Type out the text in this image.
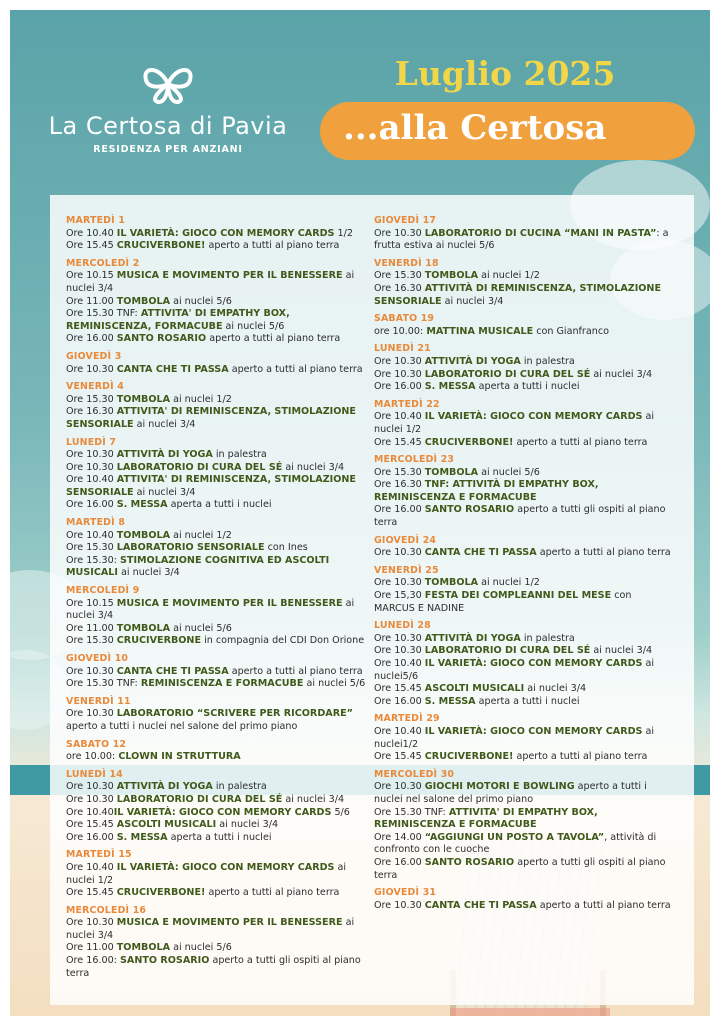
La Certosa di Pavia
RESIDENZA PER ANZIANI
Luglio 2025
...alla Certosa
MARTEDÌ 1
Ore 10.40 IL VARIETÀ: GIOCO CON MEMORY CARDS 1/2
Ore 15.45 CRUCIVERBONE! aperto a tutti al piano terra
MERCOLEDÌ 2
Ore 10.15 MUSICA E MOVIMENTO PER IL BENESSERE ai nuclei 3/4
Ore 11.00 TOMBOLA ai nuclei 5/6
Ore 15.30 TNF: ATTIVITA' DI EMPATHY BOX, REMINISCENZA, FORMACUBE ai nuclei 5/6
Ore 16.00 SANTO ROSARIO aperto a tutti al piano terra
GIOVEDÌ 3
Ore 10.30 CANTA CHE TI PASSA aperto a tutti al piano terra
VENERDÌ 4
Ore 15.30 TOMBOLA ai nuclei 1/2
Ore 16.30 ATTIVITA' DI REMINISCENZA, STIMOLAZIONE SENSORIALE ai nuclei 3/4
LUNEDÌ 7
Ore 10.30 ATTIVITÀ DI YOGA in palestra
Ore 10.30 LABORATORIO DI CURA DEL SÉ ai nuclei 3/4
Ore 10.40 ATTIVITA' DI REMINISCENZA, STIMOLAZIONE SENSORIALE ai nuclei 3/4
Ore 16.00 S. MESSA aperta a tutti i nuclei
MARTEDÌ 8
Ore 10.40 TOMBOLA ai nuclei 1/2
Ore 15.30 LABORATORIO SENSORIALE con Ines
Ore 15.30: STIMOLAZIONE COGNITIVA ED ASCOLTI MUSICALI ai nuclei 3/4
MERCOLEDÌ 9
Ore 10.15 MUSICA E MOVIMENTO PER IL BENESSERE ai nuclei 3/4
Ore 11.00 TOMBOLA ai nuclei 5/6
Ore 15.30 CRUCIVERBONE in compagnia del CDI Don Orione
GIOVEDÌ 10
Ore 10.30 CANTA CHE TI PASSA aperto a tutti al piano terra
Ore 15.30 TNF: REMINISCENZA E FORMACUBE ai nuclei 5/6
VENERDÌ 11
Ore 10.30 LABORATORIO “SCRIVERE PER RICORDARE” aperto a tutti i nuclei nel salone del primo piano
SABATO 12
ore 10.00: CLOWN IN STRUTTURA
LUNEDÌ 14
Ore 10.30 ATTIVITÀ DI YOGA in palestra
Ore 10.30 LABORATORIO DI CURA DEL SÉ ai nuclei 3/4
Ore 10.40IL VARIETÀ: GIOCO CON MEMORY CARDS 5/6
Ore 15.45 ASCOLTI MUSICALI ai nuclei 3/4
Ore 16.00 S. MESSA aperta a tutti i nuclei
MARTEDÌ 15
Ore 10.40 IL VARIETÀ: GIOCO CON MEMORY CARDS ai nuclei 1/2
Ore 15.45 CRUCIVERBONE! aperto a tutti al piano terra
MERCOLEDÌ 16
Ore 10.30 MUSICA E MOVIMENTO PER IL BENESSERE ai nuclei 3/4
Ore 11.00 TOMBOLA ai nuclei 5/6
Ore 16.00: SANTO ROSARIO aperto a tutti gli ospiti al piano terra
GIOVEDÌ 17
Ore 10.30 LABORATORIO DI CUCINA “MANI IN PASTA”: a frutta estiva ai nuclei 5/6
VENERDÌ 18
Ore 15.30 TOMBOLA ai nuclei 1/2
Ore 16.30 ATTIVITÀ DI REMINISCENZA, STIMOLAZIONE SENSORIALE ai nuclei 3/4
SABATO 19
ore 10.00: MATTINA MUSICALE con Gianfranco
LUNEDÌ 21
Ore 10.30 ATTIVITÀ DI YOGA in palestra
Ore 10.30 LABORATORIO DI CURA DEL SÉ ai nuclei 3/4
Ore 16.00 S. MESSA aperta a tutti i nuclei
MARTEDÌ 22
Ore 10.40 IL VARIETÀ: GIOCO CON MEMORY CARDS ai nuclei 1/2
Ore 15.45 CRUCIVERBONE! aperto a tutti al piano terra
MERCOLEDÌ 23
Ore 15.30 TOMBOLA ai nuclei 5/6
Ore 16.30 TNF: ATTIVITÀ DI EMPATHY BOX, REMINISCENZA E FORMACUBE
Ore 16.00 SANTO ROSARIO aperto a tutti gli ospiti al piano terra
GIOVEDÌ 24
Ore 10.30 CANTA CHE TI PASSA aperto a tutti al piano terra
VENERDÌ 25
Ore 10.30 TOMBOLA ai nuclei 1/2
Ore 15,30 FESTA DEI COMPLEANNI DEL MESE con MARCUS E NADINE
LUNEDÌ 28
Ore 10.30 ATTIVITÀ DI YOGA in palestra
Ore 10.30 LABORATORIO DI CURA DEL SÉ ai nuclei 3/4
Ore 10.40 IL VARIETÀ: GIOCO CON MEMORY CARDS ai nuclei5/6
Ore 15.45 ASCOLTI MUSICALI ai nuclei 3/4
Ore 16.00 S. MESSA aperta a tutti i nuclei
MARTEDÌ 29
Ore 10.40 IL VARIETÀ: GIOCO CON MEMORY CARDS ai nuclei1/2
Ore 15.45 CRUCIVERBONE! aperto a tutti al piano terra
MERCOLEDÌ 30
Ore 10.30 GIOCHI MOTORI E BOWLING aperto a tutti i nuclei nel salone del primo piano
Ore 15.30 TNF: ATTIVITA' DI EMPATHY BOX, REMINISCENZA E FORMACUBE
Ore 14.00 “AGGIUNGI UN POSTO A TAVOLA”, attività di confronto con le cuoche
Ore 16.00 SANTO ROSARIO aperto a tutti gli ospiti al piano terra
GIOVEDÌ 31
Ore 10.30 CANTA CHE TI PASSA aperto a tutti al piano terra
